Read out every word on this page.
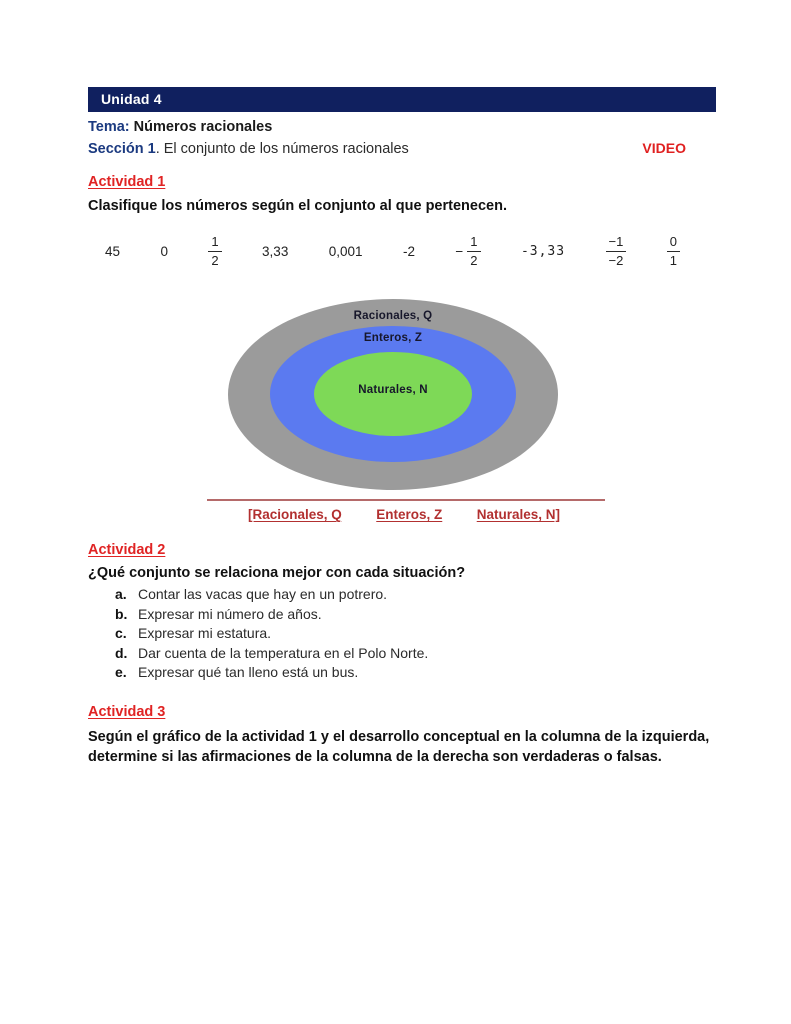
Unidad 4
Tema: Números racionales
Sección 1. El conjunto de los números racionales	VIDEO
Actividad 1
Clasifique los números según el conjunto al que pertenecen.
45	0	$\frac{1}{2}$	3,33	0,001	-2	− $\frac{1}{2}$	-3,33	$\frac{-1}{-2}$	$\frac{0}{1}$
Racionales, Q
Enteros, Z
Naturales, N
[Racionales, Q	Enteros, Z	Naturales, N]
Actividad 2
¿Qué conjunto se relaciona mejor con cada situación?
a. Contar las vacas que hay en un potrero.
b. Expresar mi número de años.
c. Expresar mi estatura.
d. Dar cuenta de la temperatura en el Polo Norte.
e. Expresar qué tan lleno está un bus.
Actividad 3
Según el gráfico de la actividad 1 y el desarrollo conceptual en la columna de la izquierda, determine si las afirmaciones de la columna de la derecha son verdaderas o falsas.
